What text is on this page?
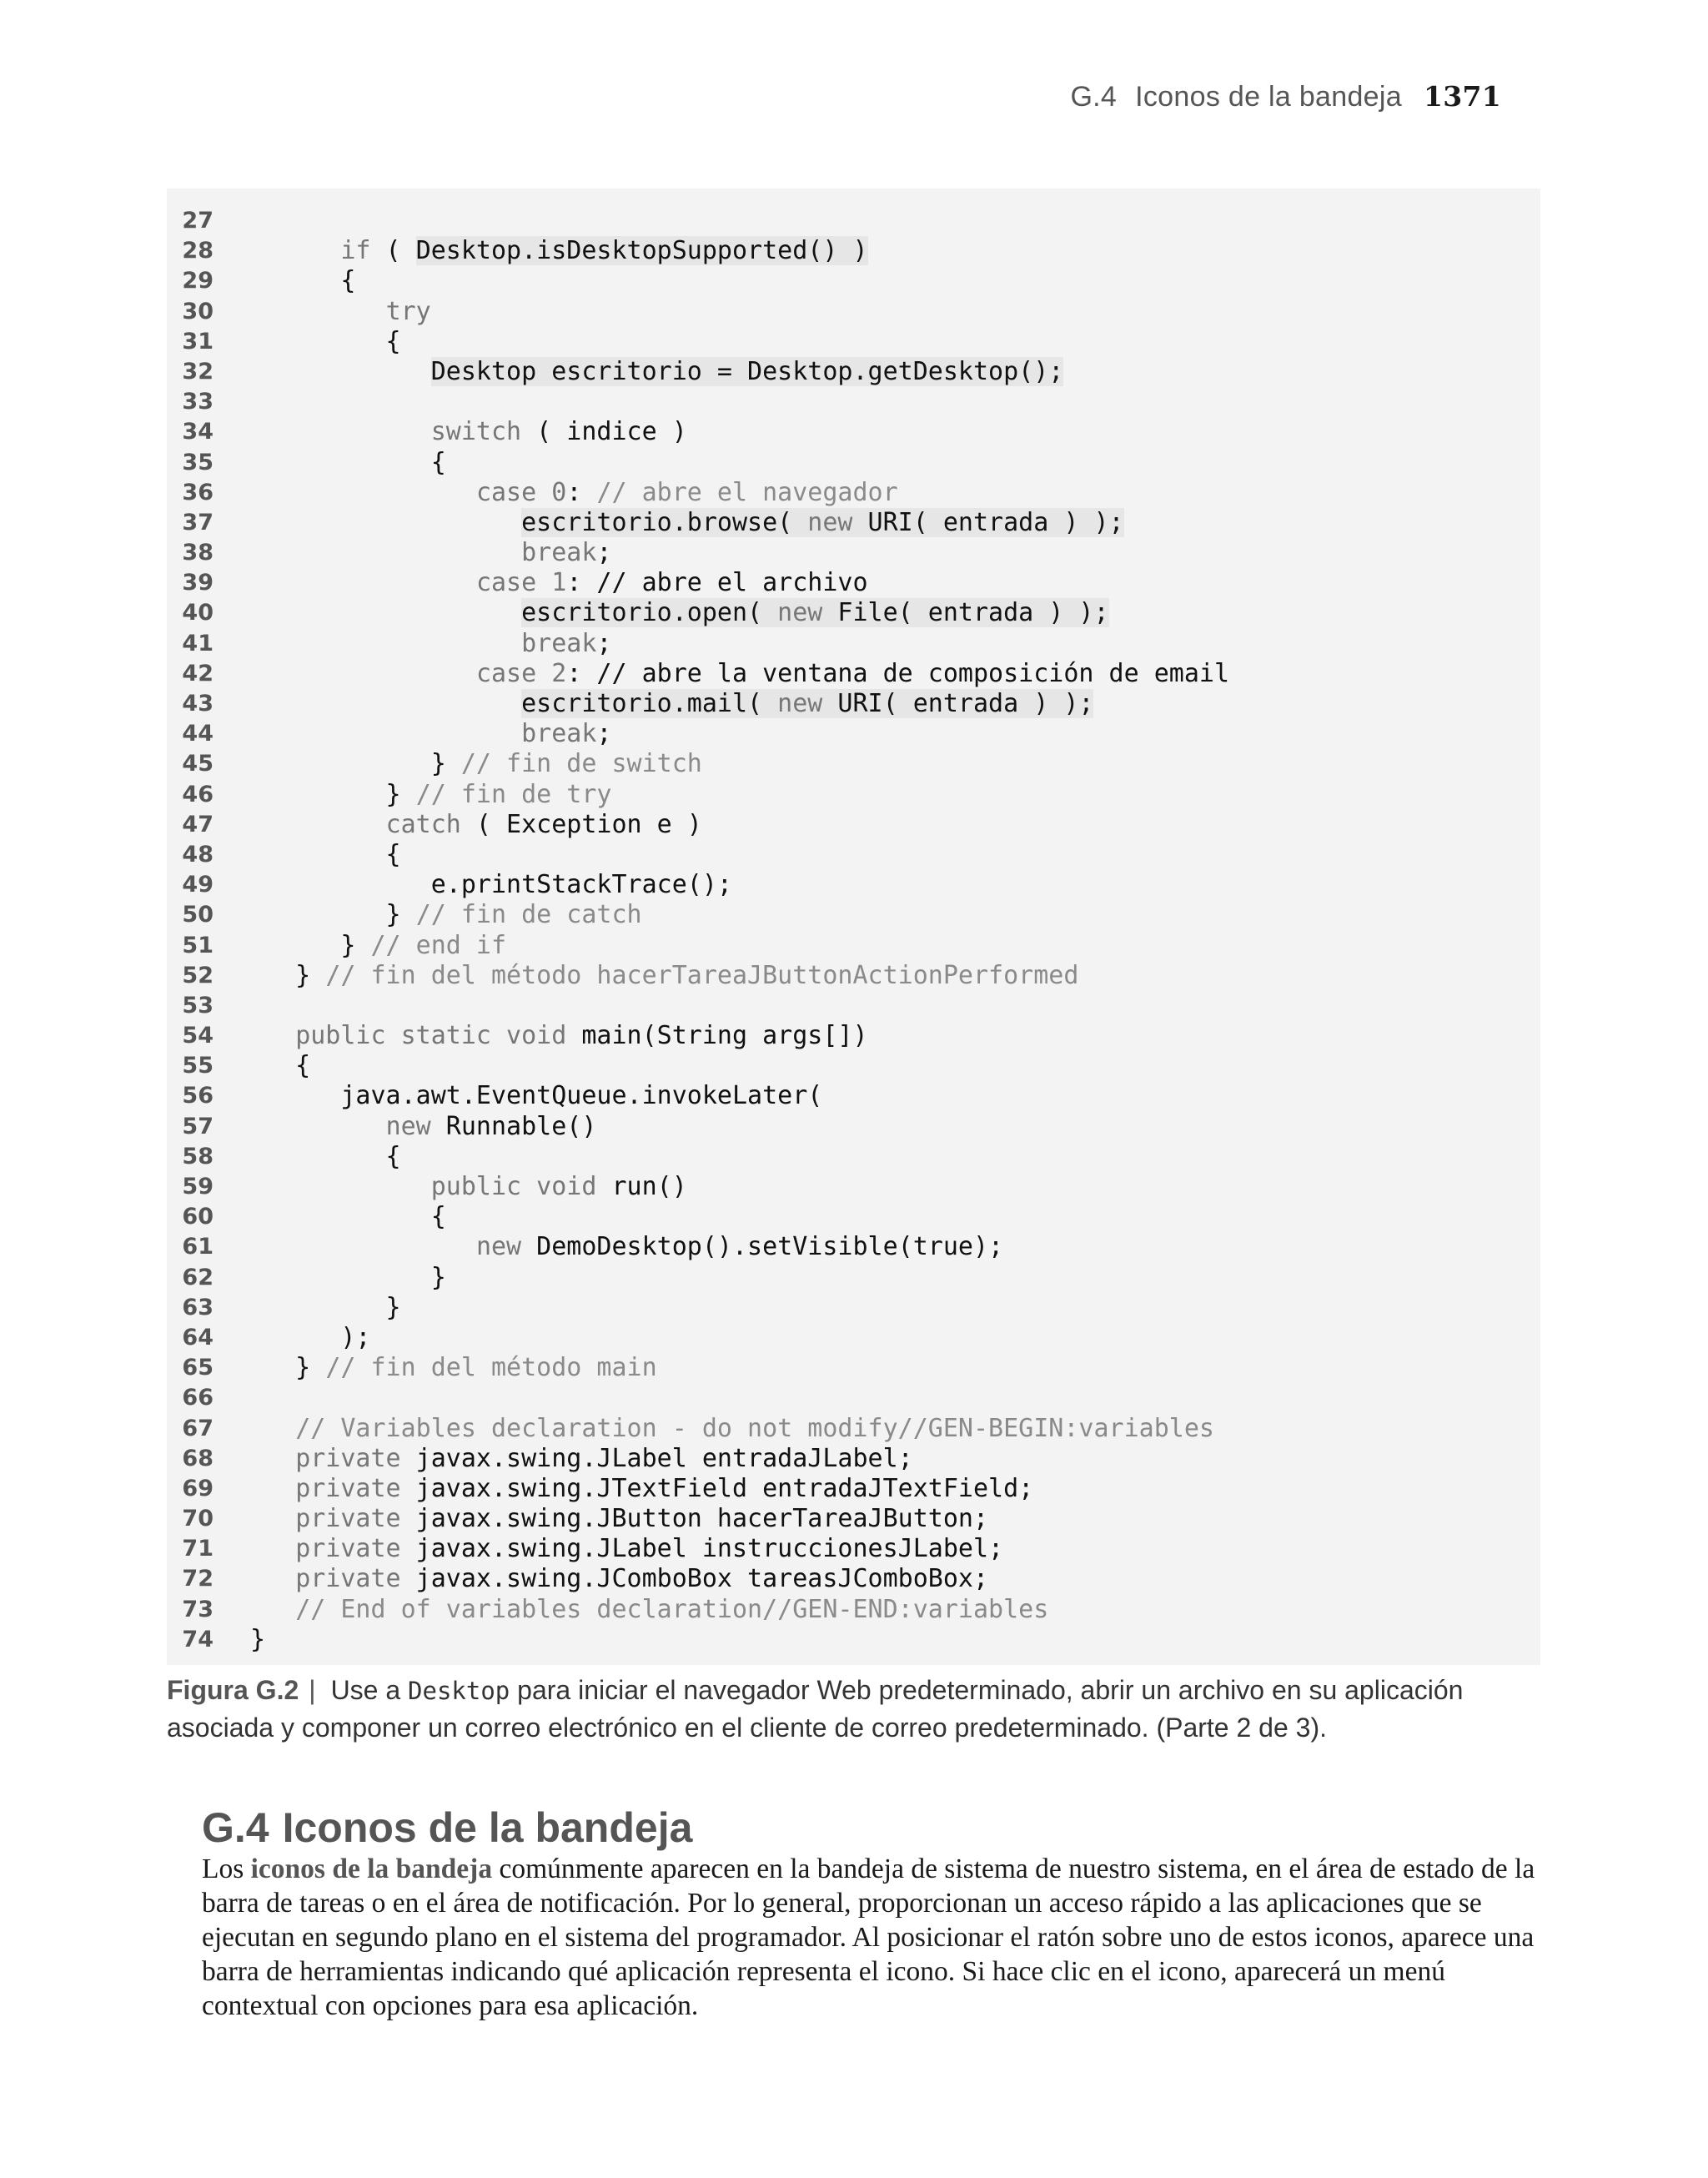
G.4 Iconos de la bandeja 1371
27
28	if ( Desktop.isDesktopSupported() )
29 {
30	try
31 {
32	Desktop escritorio = Desktop.getDesktop();
33
34	switch ( indice )
35 {
36	case 0: // abre el navegador
37	escritorio.browse( new URI( entrada ) );
38	break;
39	case 1: // abre el archivo
40	escritorio.open( new File( entrada ) );
41	break;
42	case 2: // abre la ventana de composición de email
43	escritorio.mail( new URI( entrada ) );
44	break;
45 } // fin de switch
46 } // fin de try
47	catch ( Exception e )
48 {
49 e.printStackTrace();
50 } // fin de catch
51 } // end if
52 } // fin del método hacerTareaJButtonActionPerformed
53
54	public static void main(String args[])
55 {
56 java.awt.EventQueue.invokeLater(
57	new Runnable()
58 {
59	public void run()
60 {
61	new DemoDesktop().setVisible(true);
62 }
63 }
64 );
65 } // fin del método main
66
67	// Variables declaration - do not modify//GEN-BEGIN:variables
68	private javax.swing.JLabel entradaJLabel;
69	private javax.swing.JTextField entradaJTextField;
70	private javax.swing.JButton hacerTareaJButton;
71	private javax.swing.JLabel instruccionesJLabel;
72	private javax.swing.JComboBox tareasJComboBox;
73	// End of variables declaration//GEN-END:variables
74 }
Figura G.2 | Use a Desktop para iniciar el navegador Web predeterminado, abrir un archivo en su aplicación asociada y componer un correo electrónico en el cliente de correo predeterminado. (Parte 2 de 3).
G.4 Iconos de la bandeja
Los iconos de la bandeja comúnmente aparecen en la bandeja de sistema de nuestro sistema, en el área de estado de la barra de tareas o en el área de notificación. Por lo general, proporcionan un acceso rápido a las aplicaciones que se ejecutan en segundo plano en el sistema del programador. Al posicionar el ratón sobre uno de estos iconos, aparece una barra de herramientas indicando qué aplicación representa el icono. Si hace clic en el icono, aparecerá un menú contextual con opciones para esa aplicación.
